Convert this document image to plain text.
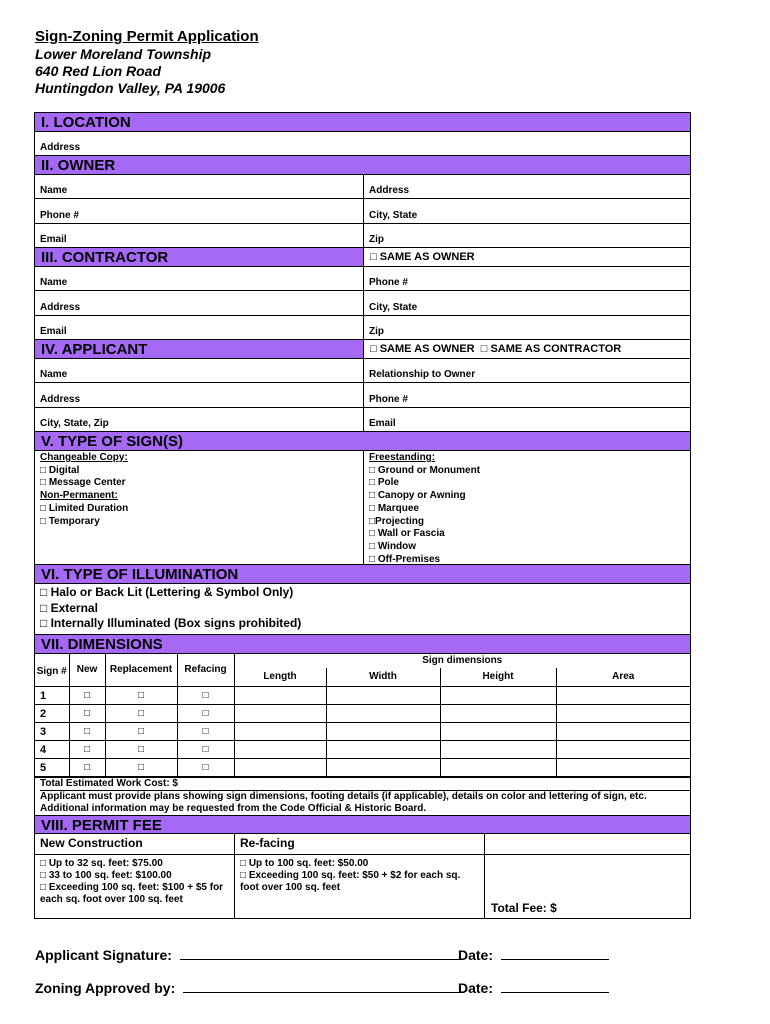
Sign-Zoning Permit Application
Lower Moreland Township
640 Red Lion Road
Huntingdon Valley, PA 19006
I. LOCATION
Address
II. OWNER
Name	Address
Phone #	City, State
Email	Zip
III. CONTRACTOR	□ SAME AS OWNER
Name	Phone #
Address	City, State
Email	Zip
IV. APPLICANT	□ SAME AS OWNER  □ SAME AS CONTRACTOR
Name	Relationship to Owner
Address	Phone #
City, State, Zip	Email
V. TYPE OF SIGN(S)
Changeable Copy:
□ Digital
□ Message Center
Non-Permanent:
□ Limited Duration
□ Temporary
Freestanding:
□ Ground or Monument
□ Pole
□ Canopy or Awning
□ Marquee
□Projecting
□ Wall or Fascia
□ Window
□ Off-Premises
VI. TYPE OF ILLUMINATION
□ Halo or Back Lit (Lettering & Symbol Only)
□ External
□ Internally Illuminated (Box signs prohibited)
VII. DIMENSIONS
Sign #	New	Replacement	Refacing	Sign dimensions			
				Length	Width	Height	Area
1	□	□	□				
2	□	□	□				
3	□	□	□				
4	□	□	□				
5	□	□	□				
Total Estimated Work Cost: $
Applicant must provide plans showing sign dimensions, footing details (if applicable), details on color and lettering of sign, etc.
Additional information may be requested from the Code Official & Historic Board.
VIII. PERMIT FEE
New Construction
□ Up to 32 sq. feet: $75.00
□ 33 to 100 sq. feet: $100.00
□ Exceeding 100 sq. feet: $100 + $5 for each sq. foot over 100 sq. feet
Re-facing
□ Up to 100 sq. feet: $50.00
□ Exceeding 100 sq. feet: $50 + $2 for each sq. foot over 100 sq. feet
Total Fee: $
Applicant Signature:	Date:
Zoning Approved by:	Date:
